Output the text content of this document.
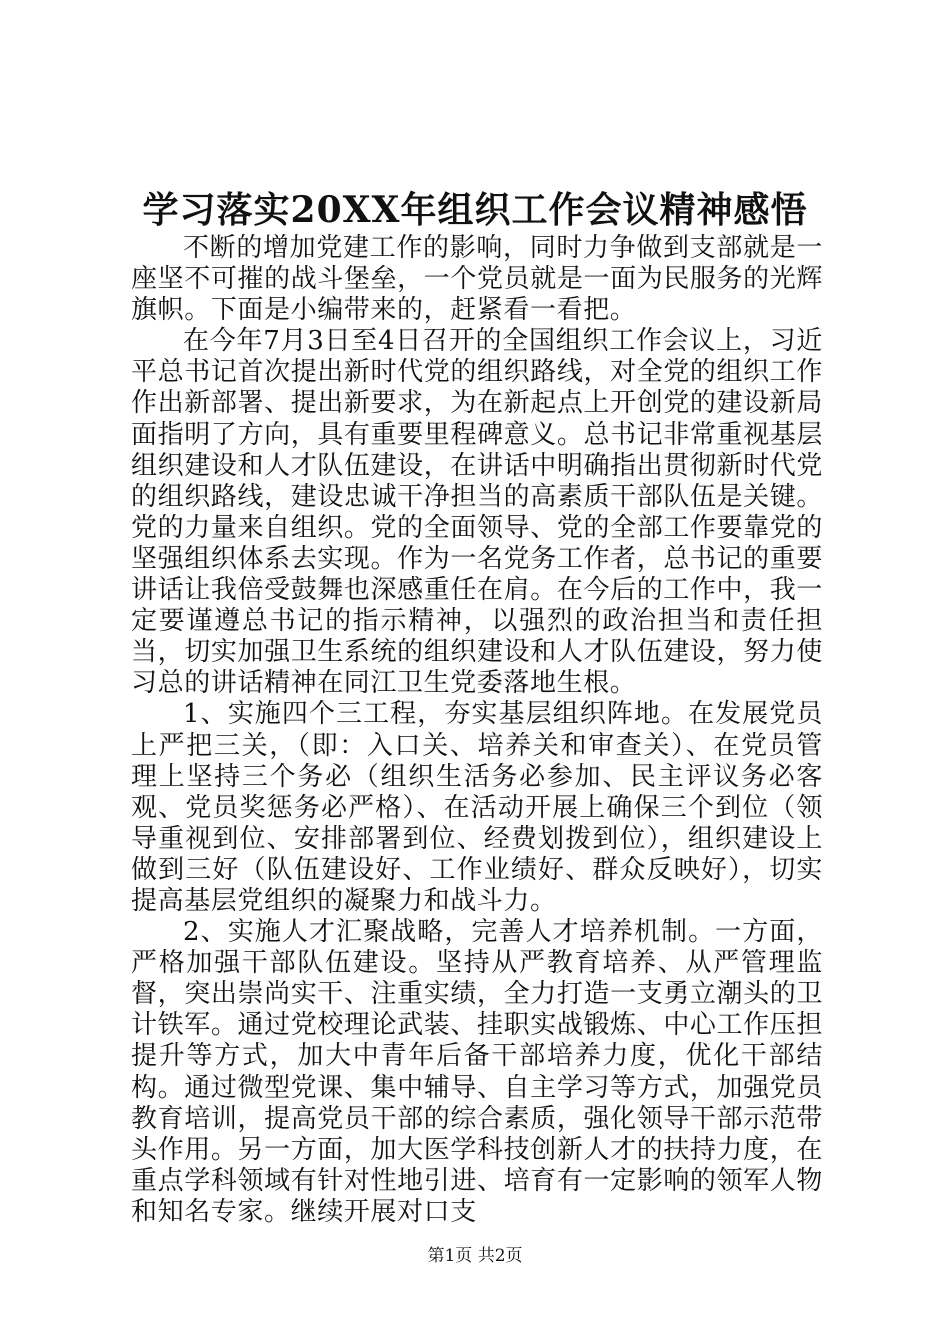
学习落实20XX年组织工作会议精神感悟

不断的增加党建工作的影响，同时力争做到支部就是一座坚不可摧的战斗堡垒，一个党员就是一面为民服务的光辉旗帜。下面是小编带来的，赶紧看一看把。

在今年7月3日至4日召开的全国组织工作会议上，习近平总书记首次提出新时代党的组织路线，对全党的组织工作作出新部署、提出新要求，为在新起点上开创党的建设新局面指明了方向，具有重要里程碑意义。总书记非常重视基层组织建设和人才队伍建设，在讲话中明确指出贯彻新时代党的组织路线，建设忠诚干净担当的高素质干部队伍是关键。党的力量来自组织。党的全面领导、党的全部工作要靠党的坚强组织体系去实现。作为一名党务工作者，总书记的重要讲话让我倍受鼓舞也深感重任在肩。在今后的工作中，我一定要谨遵总书记的指示精神，以强烈的政治担当和责任担当，切实加强卫生系统的组织建设和人才队伍建设，努力使习总的讲话精神在同江卫生党委落地生根。

1、实施四个三工程，夯实基层组织阵地。在发展党员上严把三关，（即：入口关、培养关和审查关）、在党员管理上坚持三个务必（组织生活务必参加、民主评议务必客观、党员奖惩务必严格）、在活动开展上确保三个到位（领导重视到位、安排部署到位、经费划拨到位），组织建设上做到三好（队伍建设好、工作业绩好、群众反映好），切实提高基层党组织的凝聚力和战斗力。

2、实施人才汇聚战略，完善人才培养机制。一方面，严格加强干部队伍建设。坚持从严教育培养、从严管理监督，突出崇尚实干、注重实绩，全力打造一支勇立潮头的卫计铁军。通过党校理论武装、挂职实战锻炼、中心工作压担提升等方式，加大中青年后备干部培养力度，优化干部结构。通过微型党课、集中辅导、自主学习等方式，加强党员教育培训，提高党员干部的综合素质，强化领导干部示范带头作用。另一方面，加大医学科技创新人才的扶持力度，在重点学科领域有针对性地引进、培育有一定影响的领军人物和知名专家。继续开展对口支

第1页 共2页
